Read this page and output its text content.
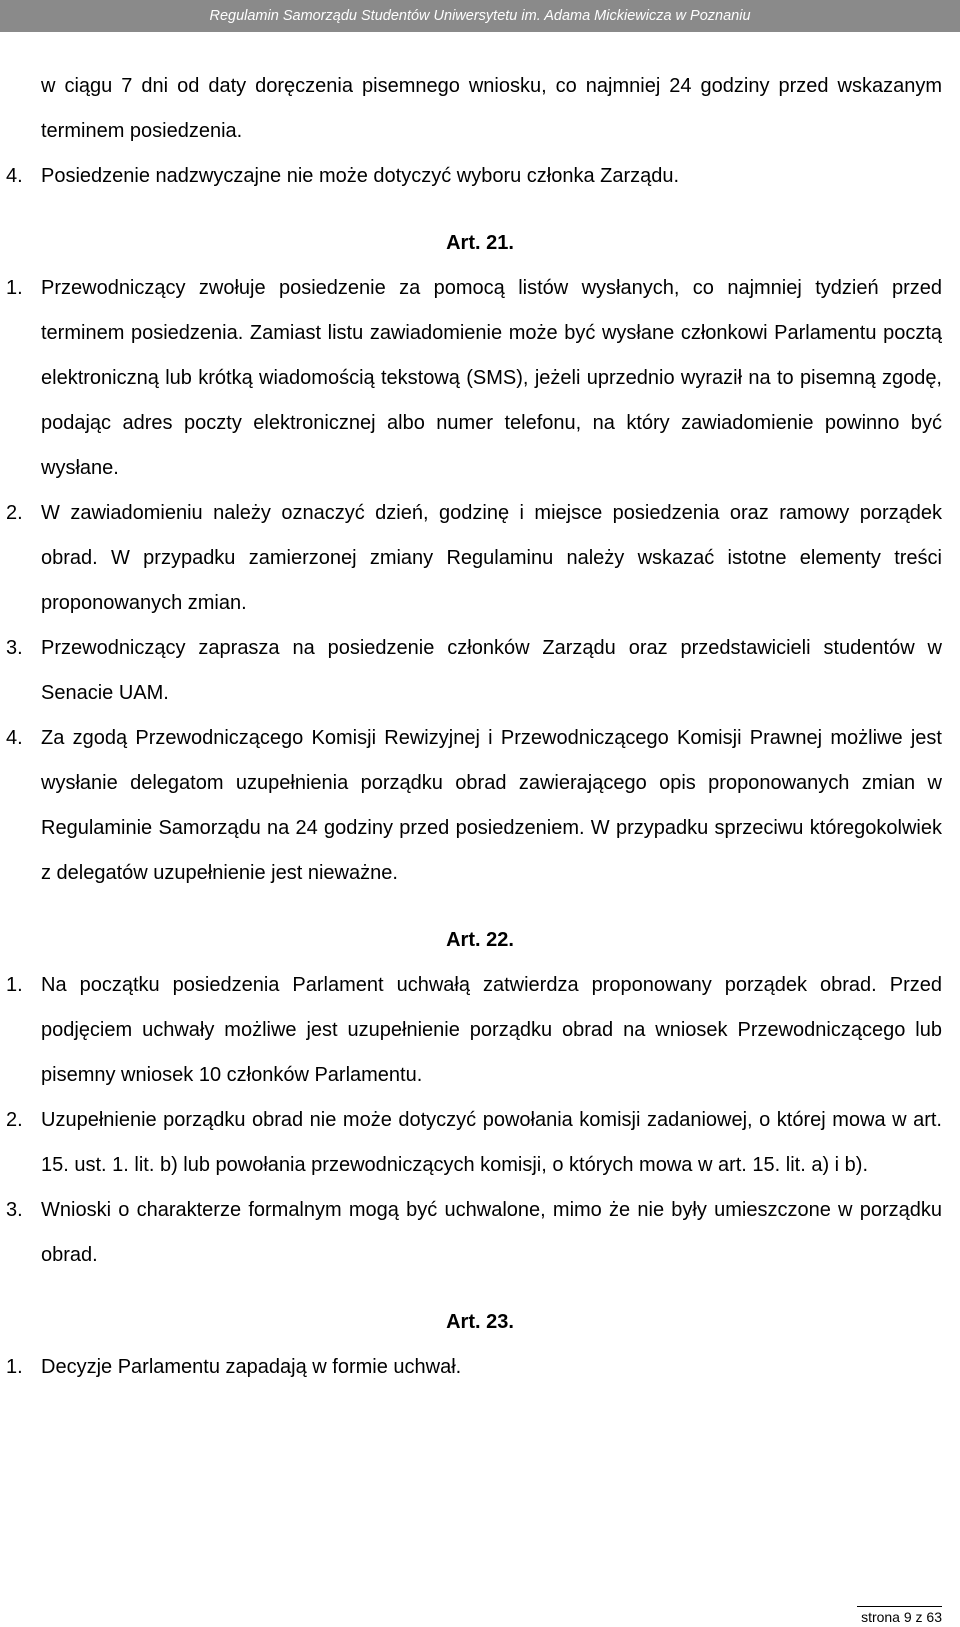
Regulamin Samorządu Studentów Uniwersytetu im. Adama Mickiewicza w Poznaniu
w ciągu 7 dni od daty doręczenia pisemnego wniosku, co najmniej 24 godziny przed wskazanym terminem posiedzenia.
4. Posiedzenie nadzwyczajne nie może dotyczyć wyboru członka Zarządu.
Art. 21.
1. Przewodniczący zwołuje posiedzenie za pomocą listów wysłanych, co najmniej tydzień przed terminem posiedzenia. Zamiast listu zawiadomienie może być wysłane członkowi Parlamentu pocztą elektroniczną lub krótką wiadomością tekstową (SMS), jeżeli uprzednio wyraził na to pisemną zgodę, podając adres poczty elektronicznej albo numer telefonu, na który zawiadomienie powinno być wysłane.
2. W zawiadomieniu należy oznaczyć dzień, godzinę i miejsce posiedzenia oraz ramowy porządek obrad. W przypadku zamierzonej zmiany Regulaminu należy wskazać istotne elementy treści proponowanych zmian.
3. Przewodniczący zaprasza na posiedzenie członków Zarządu oraz przedstawicieli studentów w Senacie UAM.
4. Za zgodą Przewodniczącego Komisji Rewizyjnej i Przewodniczącego Komisji Prawnej możliwe jest wysłanie delegatom uzupełnienia porządku obrad zawierającego opis proponowanych zmian w Regulaminie Samorządu na 24 godziny przed posiedzeniem. W przypadku sprzeciwu któregokolwiek z delegatów uzupełnienie jest nieważne.
Art. 22.
1. Na początku posiedzenia Parlament uchwałą zatwierdza proponowany porządek obrad. Przed podjęciem uchwały możliwe jest uzupełnienie porządku obrad na wniosek Przewodniczącego lub pisemny wniosek 10 członków Parlamentu.
2. Uzupełnienie porządku obrad nie może dotyczyć powołania komisji zadaniowej, o której mowa w art. 15. ust. 1. lit. b) lub powołania przewodniczących komisji, o których mowa w art. 15. lit. a) i b).
3. Wnioski o charakterze formalnym mogą być uchwalone, mimo że nie były umieszczone w porządku obrad.
Art. 23.
1. Decyzje Parlamentu zapadają w formie uchwał.
strona 9 z 63
